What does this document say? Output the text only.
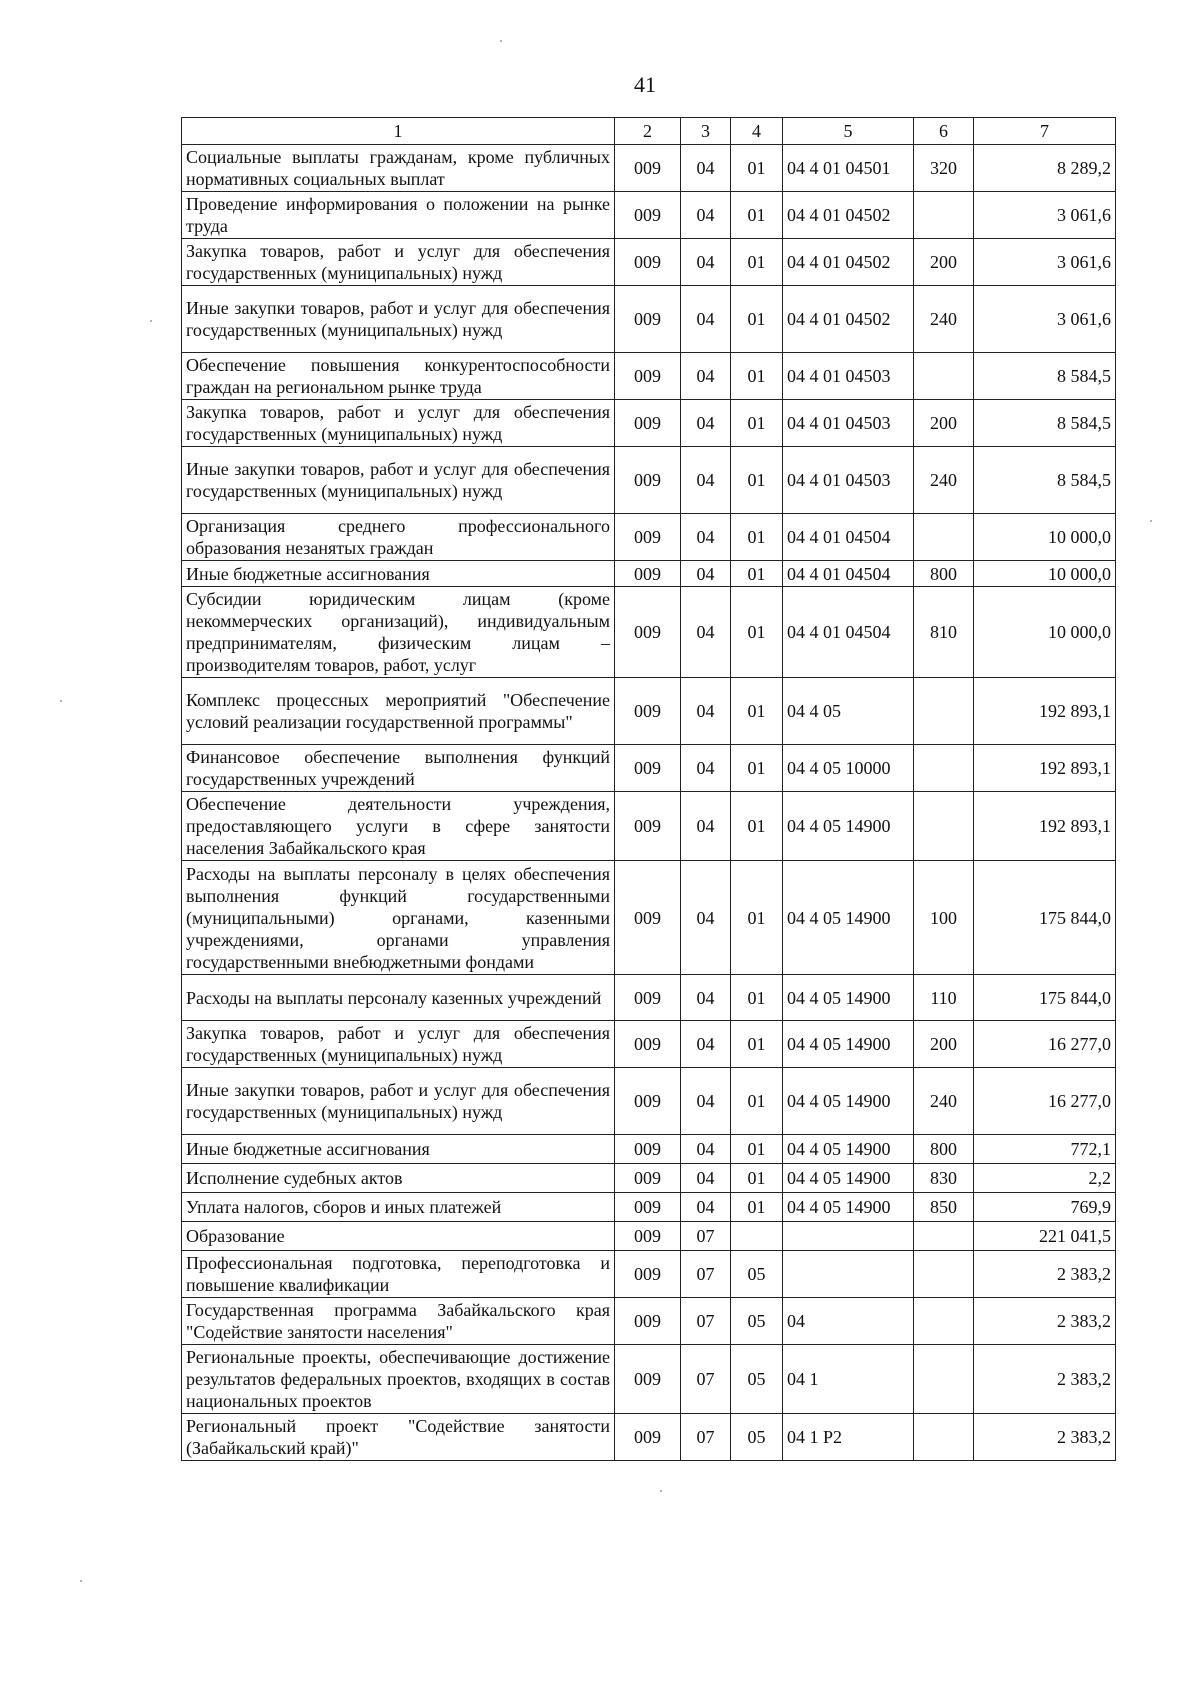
41
1	2	3	4	5	6	7
Социальные выплаты гражданам, кроме публичных нормативных социальных выплат	009	04	01	04 4 01 04501	320	8 289,2
Проведение информирования о положении на рынке труда	009	04	01	04 4 01 04502		3 061,6
Закупка товаров, работ и услуг для обеспечения государственных (муниципальных) нужд	009	04	01	04 4 01 04502	200	3 061,6
Иные закупки товаров, работ и услуг для обеспечения государственных (муниципальных) нужд	009	04	01	04 4 01 04502	240	3 061,6
Обеспечение повышения конкурентоспособности граждан на региональном рынке труда	009	04	01	04 4 01 04503		8 584,5
Закупка товаров, работ и услуг для обеспечения государственных (муниципальных) нужд	009	04	01	04 4 01 04503	200	8 584,5
Иные закупки товаров, работ и услуг для обеспечения государственных (муниципальных) нужд	009	04	01	04 4 01 04503	240	8 584,5
Организация среднего профессионального образования незанятых граждан	009	04	01	04 4 01 04504		10 000,0
Иные бюджетные ассигнования	009	04	01	04 4 01 04504	800	10 000,0
Субсидии юридическим лицам (кроме некоммерческих организаций), индивидуальным предпринимателям, физическим лицам – производителям товаров, работ, услуг	009	04	01	04 4 01 04504	810	10 000,0
Комплекс процессных мероприятий "Обеспечение условий реализации государственной программы"	009	04	01	04 4 05		192 893,1
Финансовое обеспечение выполнения функций государственных учреждений	009	04	01	04 4 05 10000		192 893,1
Обеспечение деятельности учреждения, предоставляющего услуги в сфере занятости населения Забайкальского края	009	04	01	04 4 05 14900		192 893,1
Расходы на выплаты персоналу в целях обеспечения выполнения функций государственными (муниципальными) органами, казенными учреждениями, органами управления государственными внебюджетными фондами	009	04	01	04 4 05 14900	100	175 844,0
Расходы на выплаты персоналу казенных учреждений	009	04	01	04 4 05 14900	110	175 844,0
Закупка товаров, работ и услуг для обеспечения государственных (муниципальных) нужд	009	04	01	04 4 05 14900	200	16 277,0
Иные закупки товаров, работ и услуг для обеспечения государственных (муниципальных) нужд	009	04	01	04 4 05 14900	240	16 277,0
Иные бюджетные ассигнования	009	04	01	04 4 05 14900	800	772,1
Исполнение судебных актов	009	04	01	04 4 05 14900	830	2,2
Уплата налогов, сборов и иных платежей	009	04	01	04 4 05 14900	850	769,9
Образование	009	07				221 041,5
Профессиональная подготовка, переподготовка и повышение квалификации	009	07	05			2 383,2
Государственная программа Забайкальского края "Содействие занятости населения"	009	07	05	04		2 383,2
Региональные проекты, обеспечивающие достижение результатов федеральных проектов, входящих в состав национальных проектов	009	07	05	04 1		2 383,2
Региональный проект "Содействие занятости (Забайкальский край)"	009	07	05	04 1 P2		2 383,2
